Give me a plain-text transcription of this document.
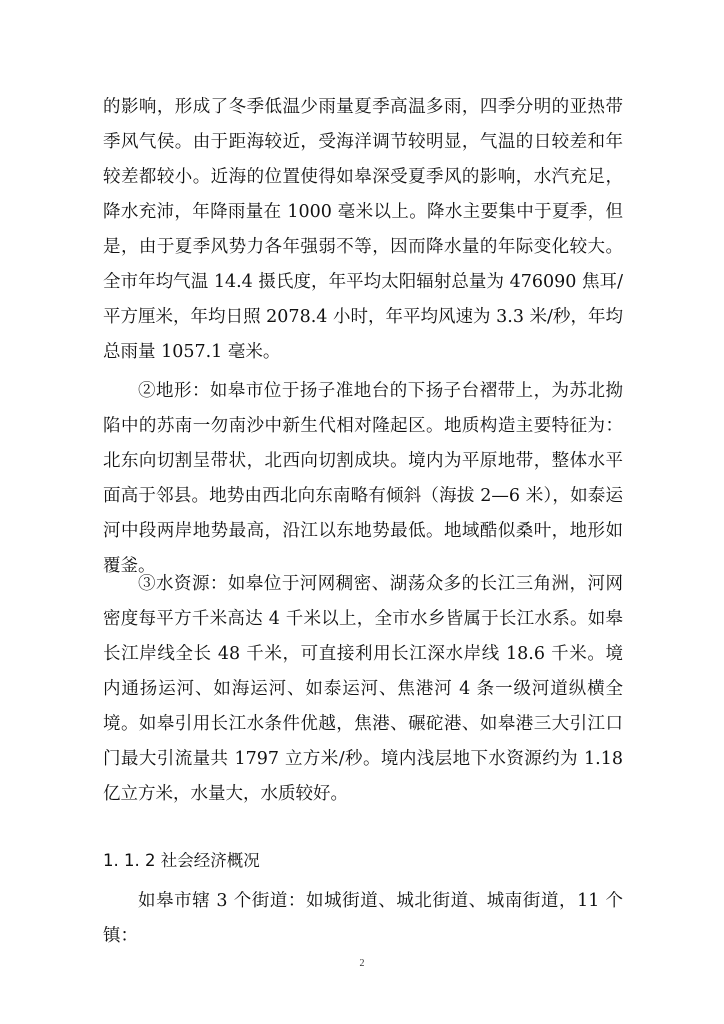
的影响，形成了冬季低温少雨量夏季高温多雨，四季分明的亚热带季风气侯。由于距海较近，受海洋调节较明显，气温的日较差和年较差都较小。近海的位置使得如皋深受夏季风的影响，水汽充足，降水充沛，年降雨量在 1000 毫米以上。降水主要集中于夏季，但是，由于夏季风势力各年强弱不等，因而降水量的年际变化较大。全市年均气温 14.4 摄氏度，年平均太阳辐射总量为 476090 焦耳/平方厘米，年均日照 2078.4 小时，年平均风速为 3.3 米/秒，年均总雨量 1057.1 毫米。

②地形：如皋市位于扬子准地台的下扬子台褶带上，为苏北拗陷中的苏南一勿南沙中新生代相对隆起区。地质构造主要特征为：北东向切割呈带状，北西向切割成块。境内为平原地带，整体水平面高于邻县。地势由西北向东南略有倾斜（海拔 2—6 米），如泰运河中段两岸地势最高，沿江以东地势最低。地域酷似桑叶，地形如覆釜。

③水资源：如皋位于河网稠密、湖荡众多的长江三角洲，河网密度每平方千米高达 4 千米以上，全市水乡皆属于长江水系。如皋长江岸线全长 48 千米，可直接利用长江深水岸线 18.6 千米。境内通扬运河、如海运河、如泰运河、焦港河 4 条一级河道纵横全境。如皋引用长江水条件优越，焦港、碾砣港、如皋港三大引江口门最大引流量共 1797 立方米/秒。境内浅层地下水资源约为 1.18 亿立方米，水量大，水质较好。

1. 1. 2 社会经济概况

如皋市辖 3 个街道：如城街道、城北街道、城南街道，11 个镇：

2
